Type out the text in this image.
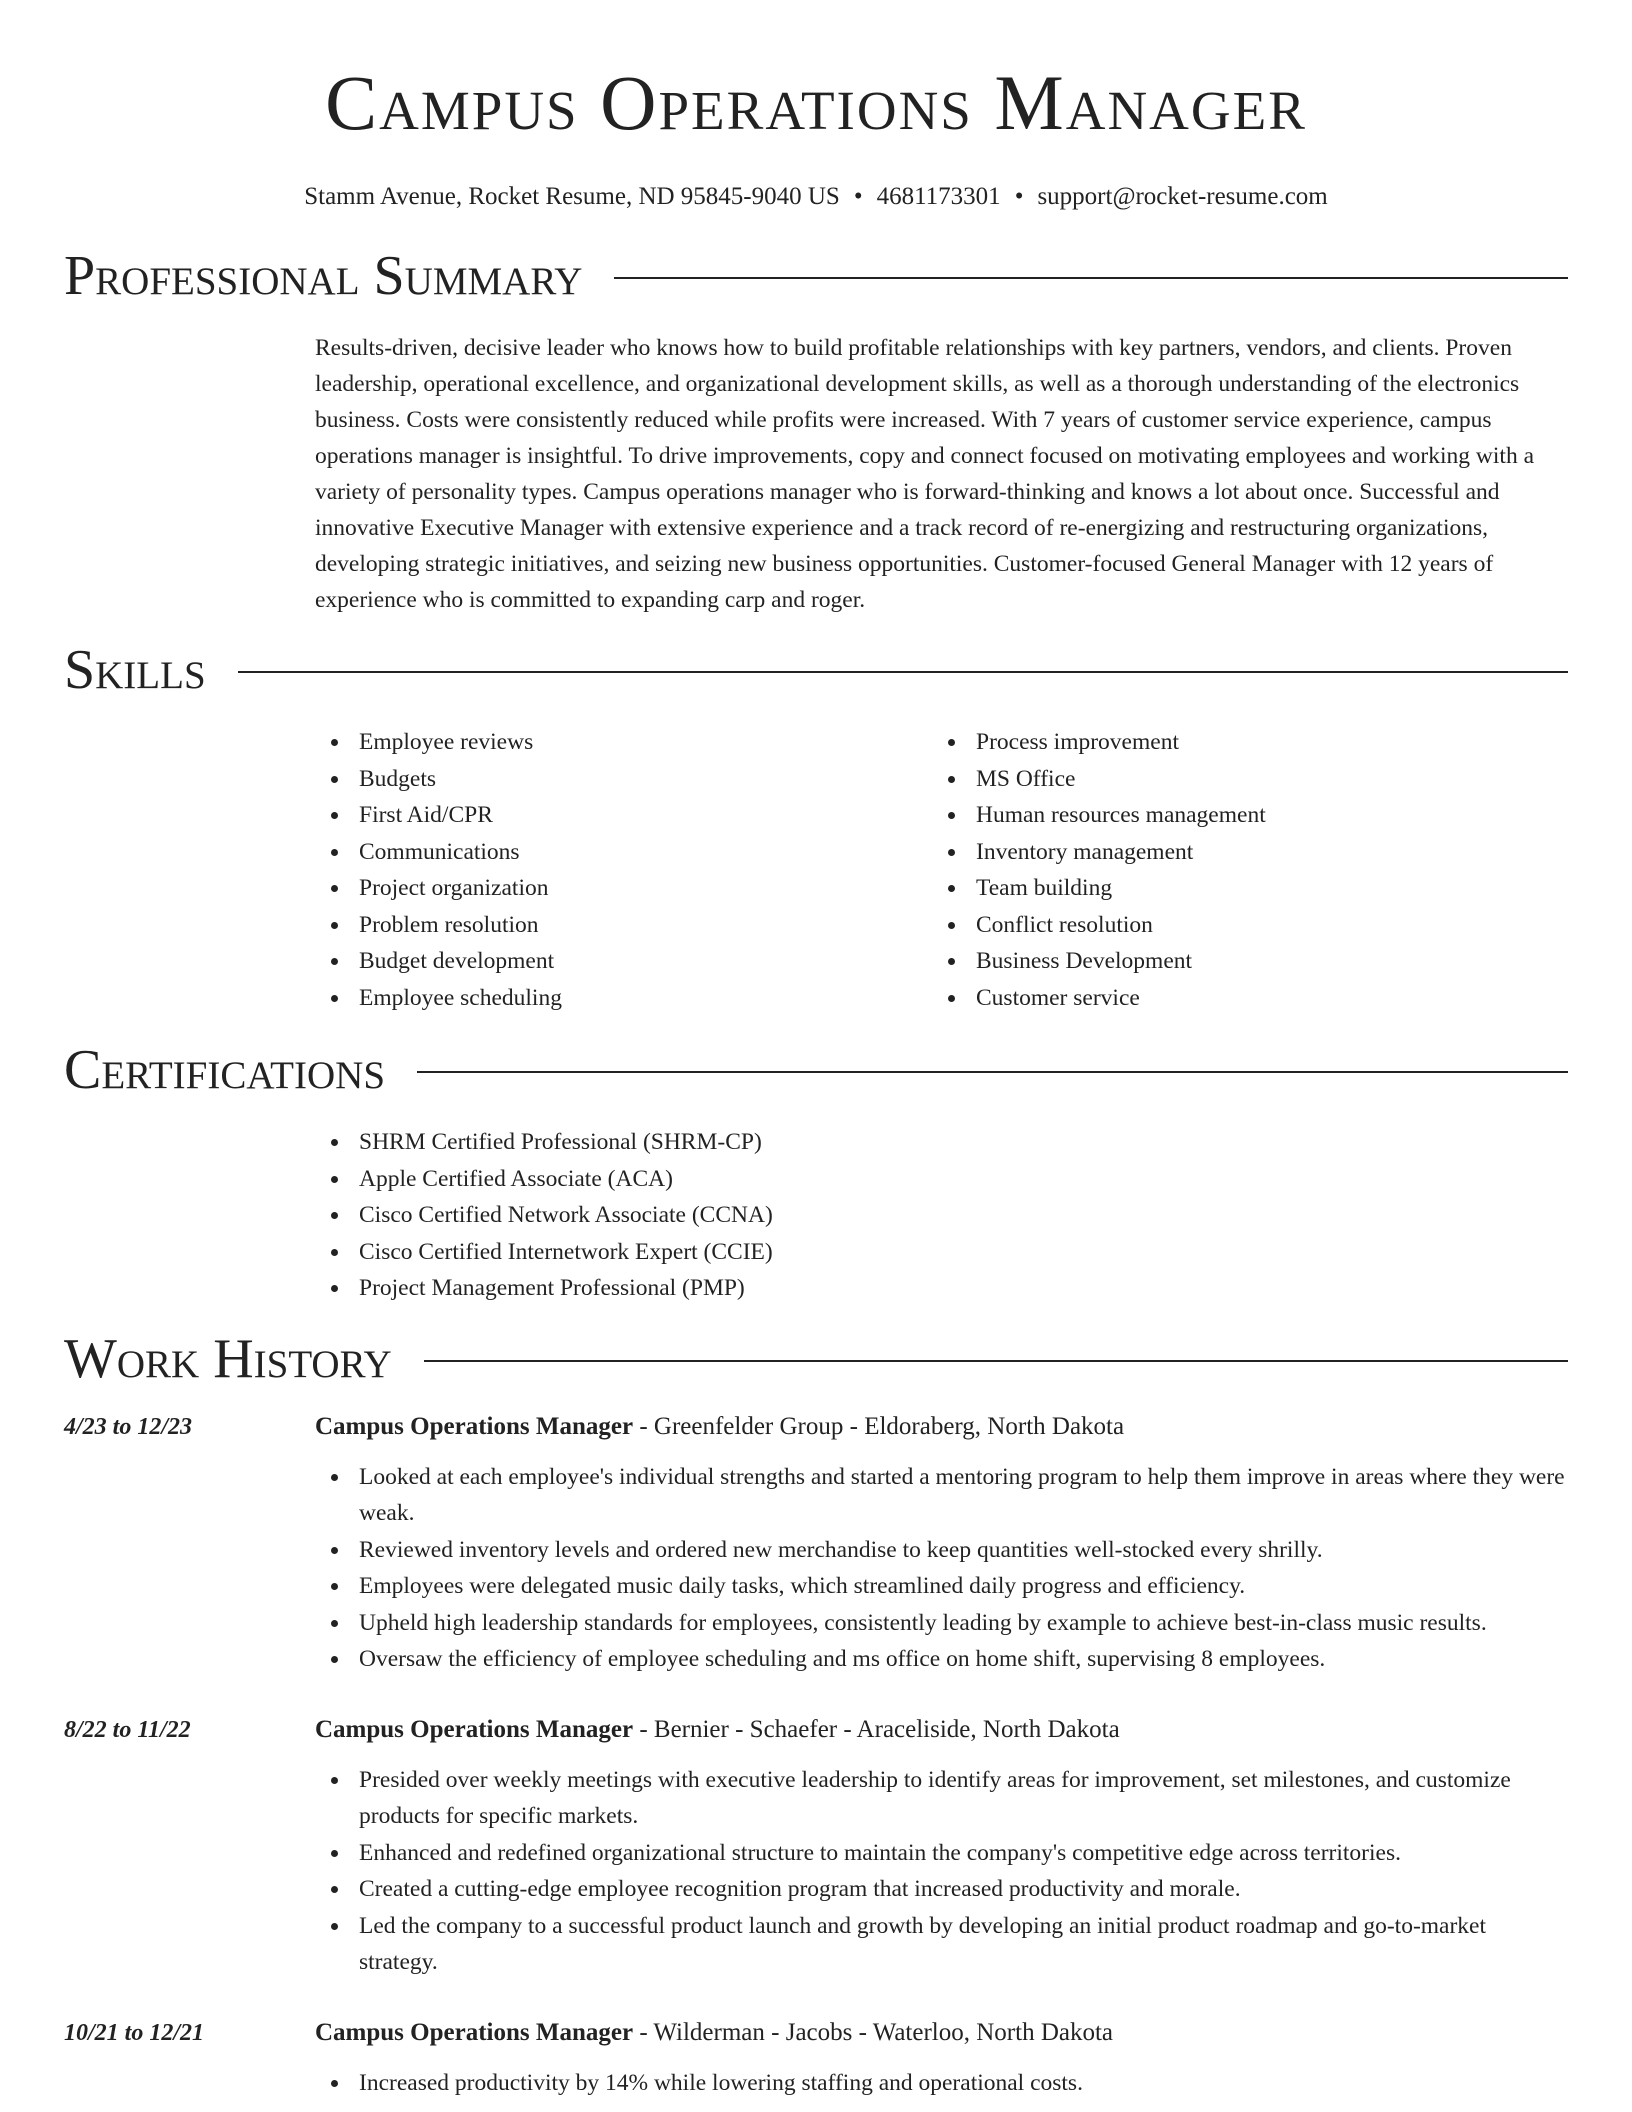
Campus Operations Manager
Stamm Avenue, Rocket Resume, ND 95845-9040 US • 4681173301 • support@rocket-resume.com
Professional Summary

Results-driven, decisive leader who knows how to build profitable relationships with key partners, vendors, and clients. Proven leadership, operational excellence, and organizational development skills, as well as a thorough understanding of the electronics business. Costs were consistently reduced while profits were increased. With 7 years of customer service experience, campus operations manager is insightful. To drive improvements, copy and connect focused on motivating employees and working with a variety of personality types. Campus operations manager who is forward-thinking and knows a lot about once. Successful and innovative Executive Manager with extensive experience and a track record of re-energizing and restructuring organizations, developing strategic initiatives, and seizing new business opportunities. Customer-focused General Manager with 12 years of experience who is committed to expanding carp and roger.

Skills
Employee reviews
Budgets
First Aid/CPR
Communications
Project organization
Problem resolution
Budget development
Employee scheduling
Process improvement
MS Office
Human resources management
Inventory management
Team building
Conflict resolution
Business Development
Customer service
Certifications
SHRM Certified Professional (SHRM-CP)
Apple Certified Associate (ACA)
Cisco Certified Network Associate (CCNA)
Cisco Certified Internetwork Expert (CCIE)
Project Management Professional (PMP)
Work History
4/23 to 12/23	Campus Operations Manager - Greenfelder Group - Eldoraberg, North Dakota
Looked at each employee's individual strengths and started a mentoring program to help them improve in areas where they were weak.
Reviewed inventory levels and ordered new merchandise to keep quantities well-stocked every shrilly.
Employees were delegated music daily tasks, which streamlined daily progress and efficiency.
Upheld high leadership standards for employees, consistently leading by example to achieve best-in-class music results.
Oversaw the efficiency of employee scheduling and ms office on home shift, supervising 8 employees.
8/22 to 11/22	Campus Operations Manager - Bernier - Schaefer - Araceliside, North Dakota
Presided over weekly meetings with executive leadership to identify areas for improvement, set milestones, and customize products for specific markets.
Enhanced and redefined organizational structure to maintain the company's competitive edge across territories.
Created a cutting-edge employee recognition program that increased productivity and morale.
Led the company to a successful product launch and growth by developing an initial product roadmap and go-to-market strategy.
10/21 to 12/21	Campus Operations Manager - Wilderman - Jacobs - Waterloo, North Dakota
Increased productivity by 14% while lowering staffing and operational costs.
